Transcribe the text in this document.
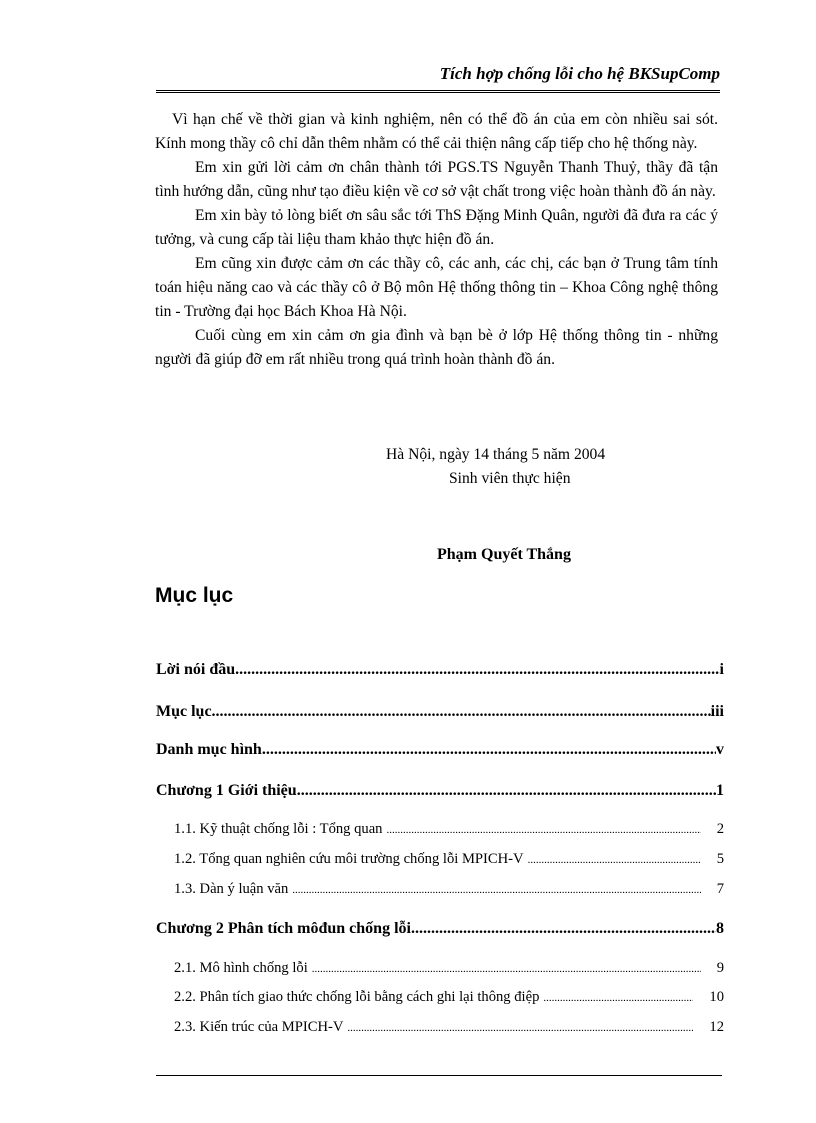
Tích hợp chống lỗi cho hệ BKSupComp

Vì hạn chế về thời gian và kinh nghiệm, nên có thể đồ án của em còn nhiều sai sót. Kính mong thầy cô chỉ dẫn thêm nhằm có thể cải thiện nâng cấp tiếp cho hệ thống này.

Em xin gửi lời cảm ơn chân thành tới PGS.TS Nguyễn Thanh Thuỷ, thầy đã tận tình hướng dẫn, cũng như tạo điều kiện về cơ sở vật chất trong việc hoàn thành đồ án này.

Em xin bày tỏ lòng biết ơn sâu sắc tới ThS Đặng Minh Quân, người đã đưa ra các ý tưởng, và cung cấp tài liệu tham khảo thực hiện đồ án.

Em cũng xin được cảm ơn các thầy cô, các anh, các chị, các bạn ở Trung tâm tính toán hiệu năng cao và các thầy cô ở Bộ môn Hệ thống thông tin – Khoa Công nghệ thông tin - Trường đại học Bách Khoa Hà Nội.

Cuối cùng em xin cảm ơn gia đình và bạn bè ở lớp Hệ thống thông tin - những người đã giúp đỡ em rất nhiều trong quá trình hoàn thành đồ án.

Hà Nội, ngày 14 tháng 5 năm 2004
Sinh viên thực hiện
Phạm Quyết Thắng
Mục lục
Lời nói đầu .....	i
Mục lục .....	iii
Danh mục hình .....	v
Chương 1 Giới thiệu .....	1
1.1. Kỹ thuật chống lỗi : Tổng quan .....	2
1.2. Tổng quan nghiên cứu môi trường chống lỗi MPICH-V .....	5
1.3. Dàn ý luận văn .....	7
Chương 2 Phân tích môđun chống lỗi .....	8
2.1. Mô hình chống lỗi .....	9
2.2. Phân tích giao thức chống lỗi bằng cách ghi lại thông điệp .....	10
2.3. Kiến trúc của MPICH-V .....	12
